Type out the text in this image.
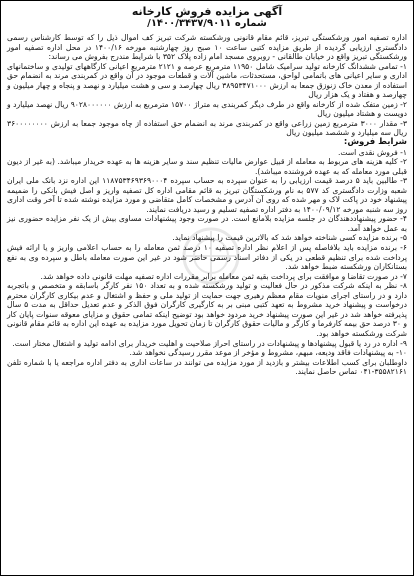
آگهی مزایده فروش کارخانه
شماره ۱۴۰۰/۳۴۳۷/۹۰۱۱/

اداره تصفیه امور ورشکستگی تبریز، قائم مقام قانونی ورشکسته شرکت تبریز کف اموال ذیل را که توسط کارشناس رسمی دادگستری ارزیابی گردیده از طریق مزایده کتبی ساعت ۱۰ صبح روز چهارشنبه مورخه ۱۴۰۰/۱۶ در محل اداره تصفیه امور ورشکستگی تبریز واقع در خیابان طالقانی - روبروی مسجد امام زاده پلاک ۳۵۲ با شرایط مندرج بفروش می رساند:

۱- تمامی ششدانگ کارخانه تولید سرامیک شامل ۱۱۹۵۰ مترمربع عرصه و ۲۱۲۱ مترمربع اعیانی کارگاههای تولیدی و ساختمانهای اداری و سایر اعیانی های باتمامی لواحق، مستحدثات، ماشین آلات و قطعات موجود در آن واقع در کمربندی مرند به انضمام حق استفاده از معدن خاک زنوزق جمعا به ارزش ۳۸۹۵۳۴۷۱۰۰۰ ریال چهارصد و سی و هشت میلیارد و نهصد و پنجاه و چهار میلیون و چهارصد و هفتاد و یک هزار ریال

۲- زمین متفک شده از کارخانه واقع در طرف دیگر کمربندی به متراژ ۱۵۷۰۰ مترمربع به ارزش ۹۰۲۸۰۰۰۰۰۰ ریال نهصد میلیارد و دویست و هشتاد میلیون ریال

۳- مقدار ۳۰۰۰ مترمربع زمین زراعی واقع در کمربندی مرند به انضمام حق استفاده از چاه موجود جمعا به ارزش ۳۶۰۰۰۰۰۰۰۰ ریال سه میلیارد و ششصد میلیون ریال

شرایط فروش:

۱- فروش نقدی است.

۲- کلیه هزینه های مربوط به معامله از قبیل عوارض مالیات تنظیم سند و سایر هزینه ها به عهده خریدار میباشد. (به غیر از دیون قبلی مورد معامله که به عهده فروشنده میباشد).

۳- طالبین باید ۵ درصد قیمت ارزیابی را به عنوان سپرده به حساب سپرده ۱۱۸۷۵۳۴۶۹۳۶۹۰۰۰۴ این اداره نزد بانک ملی ایران شعبه وزارت دادگستری کد ۵۷۷ به نام ورشکستگان تبریز به قائم مقامی اداره کل تصفیه واریز و اصل فیش بانکی را ضمیمه پیشنهاد خود در پاکت لاک و مهر شده که روی آن آدرس و مشخصات کامل متقاضی و مورد مزایده نوشته شده تا آخر وقت اداری روز سه شنبه مورخه ۱۴۰۰/۰۹/۱۲ به دفتر اداره تصفیه تسلیم و رسید دریافت نمایند.

۴- حضور پیشنهاددهندگان در جلسه مزایده بلامانع است. در صورت وجود پیشنهادات مساوی بیش از یک نفر مزایده حضوری نیز به عمل خواهد آمد.

۵- برنده مزایده کسی شناخته خواهد شد که بالاترین قیمت را پیشنهاد نماید.

۶- برنده مزایده باید بلافاصله پس از اعلام نظر اداره تصفیه ۱۰ درصد ثمن معامله را به حساب اعلامی واریز و یا ارائه فیش پرداخت شده برای تنظیم قطعی در یکی از دفاتر اسناد رسمی حاضر شود در غیر این صورت معامله باطل و سپرده وی به نفع بستانکاران ورشکسته ضبط خواهد شد.

۷- در صورت تقاضا و موافقت برای پرداخت بقیه ثمن معامله برابر مقررات اداره تصفیه مهلت قانونی داده خواهد شد.

۸- نظر به اینکه شرکت مذکور در حال فعالیت و تولید ورشکسته شده و به تعداد ۱۵۰ نفر کارگر باسابقه و متخصص و باتجربه دارد و در راستای اجرای منویات مقام معظم رهبری جهت حمایت از تولید ملی و حفظ و اشتغال و عدم بیکاری کارگران محترم درخواست و پیشنهاد خرید مشروط به تعهد کتبی مبنی بر به کارگیری کارگران فوق الذکر و عدم تعدیل حداقل به مدت ۵ سال پذیرفته خواهد شد در غیر این صورت پیشنهاد خرید مردود خواهد بود توضیح اینکه تمامی حقوق و مزایای معوقه سنوات پایان کار و ۳۰ درصد حق بیمه کارفرما و کارگر و مالیات حقوق کارگران تا زمان تحویل مورد مزایده به عهده این اداره به قائم مقام قانونی شرکت ورشکسته خواهد بود.

۹- اداره در رد یا قبول پیشنهادها و پیشنهادات در راستای احراز صلاحیت و اهلیت خریدار برای ادامه تولید و اشتغال مختار است.

۱۰- به پیشنهادات فاقد ودیعه، مبهم، مشروط و مؤخر از موعد مقرر رسیدگی نخواهد شد.

داوطلبان برای کسب اطلاعات بیشتر و بازدید از مورد مزایده می توانند در ساعات اداری به دفتر اداره مراجعه یا با شماره تلفن ۳۵۵۸۲۱۶۱-۰۴۱ تماس حاصل نمایند.
